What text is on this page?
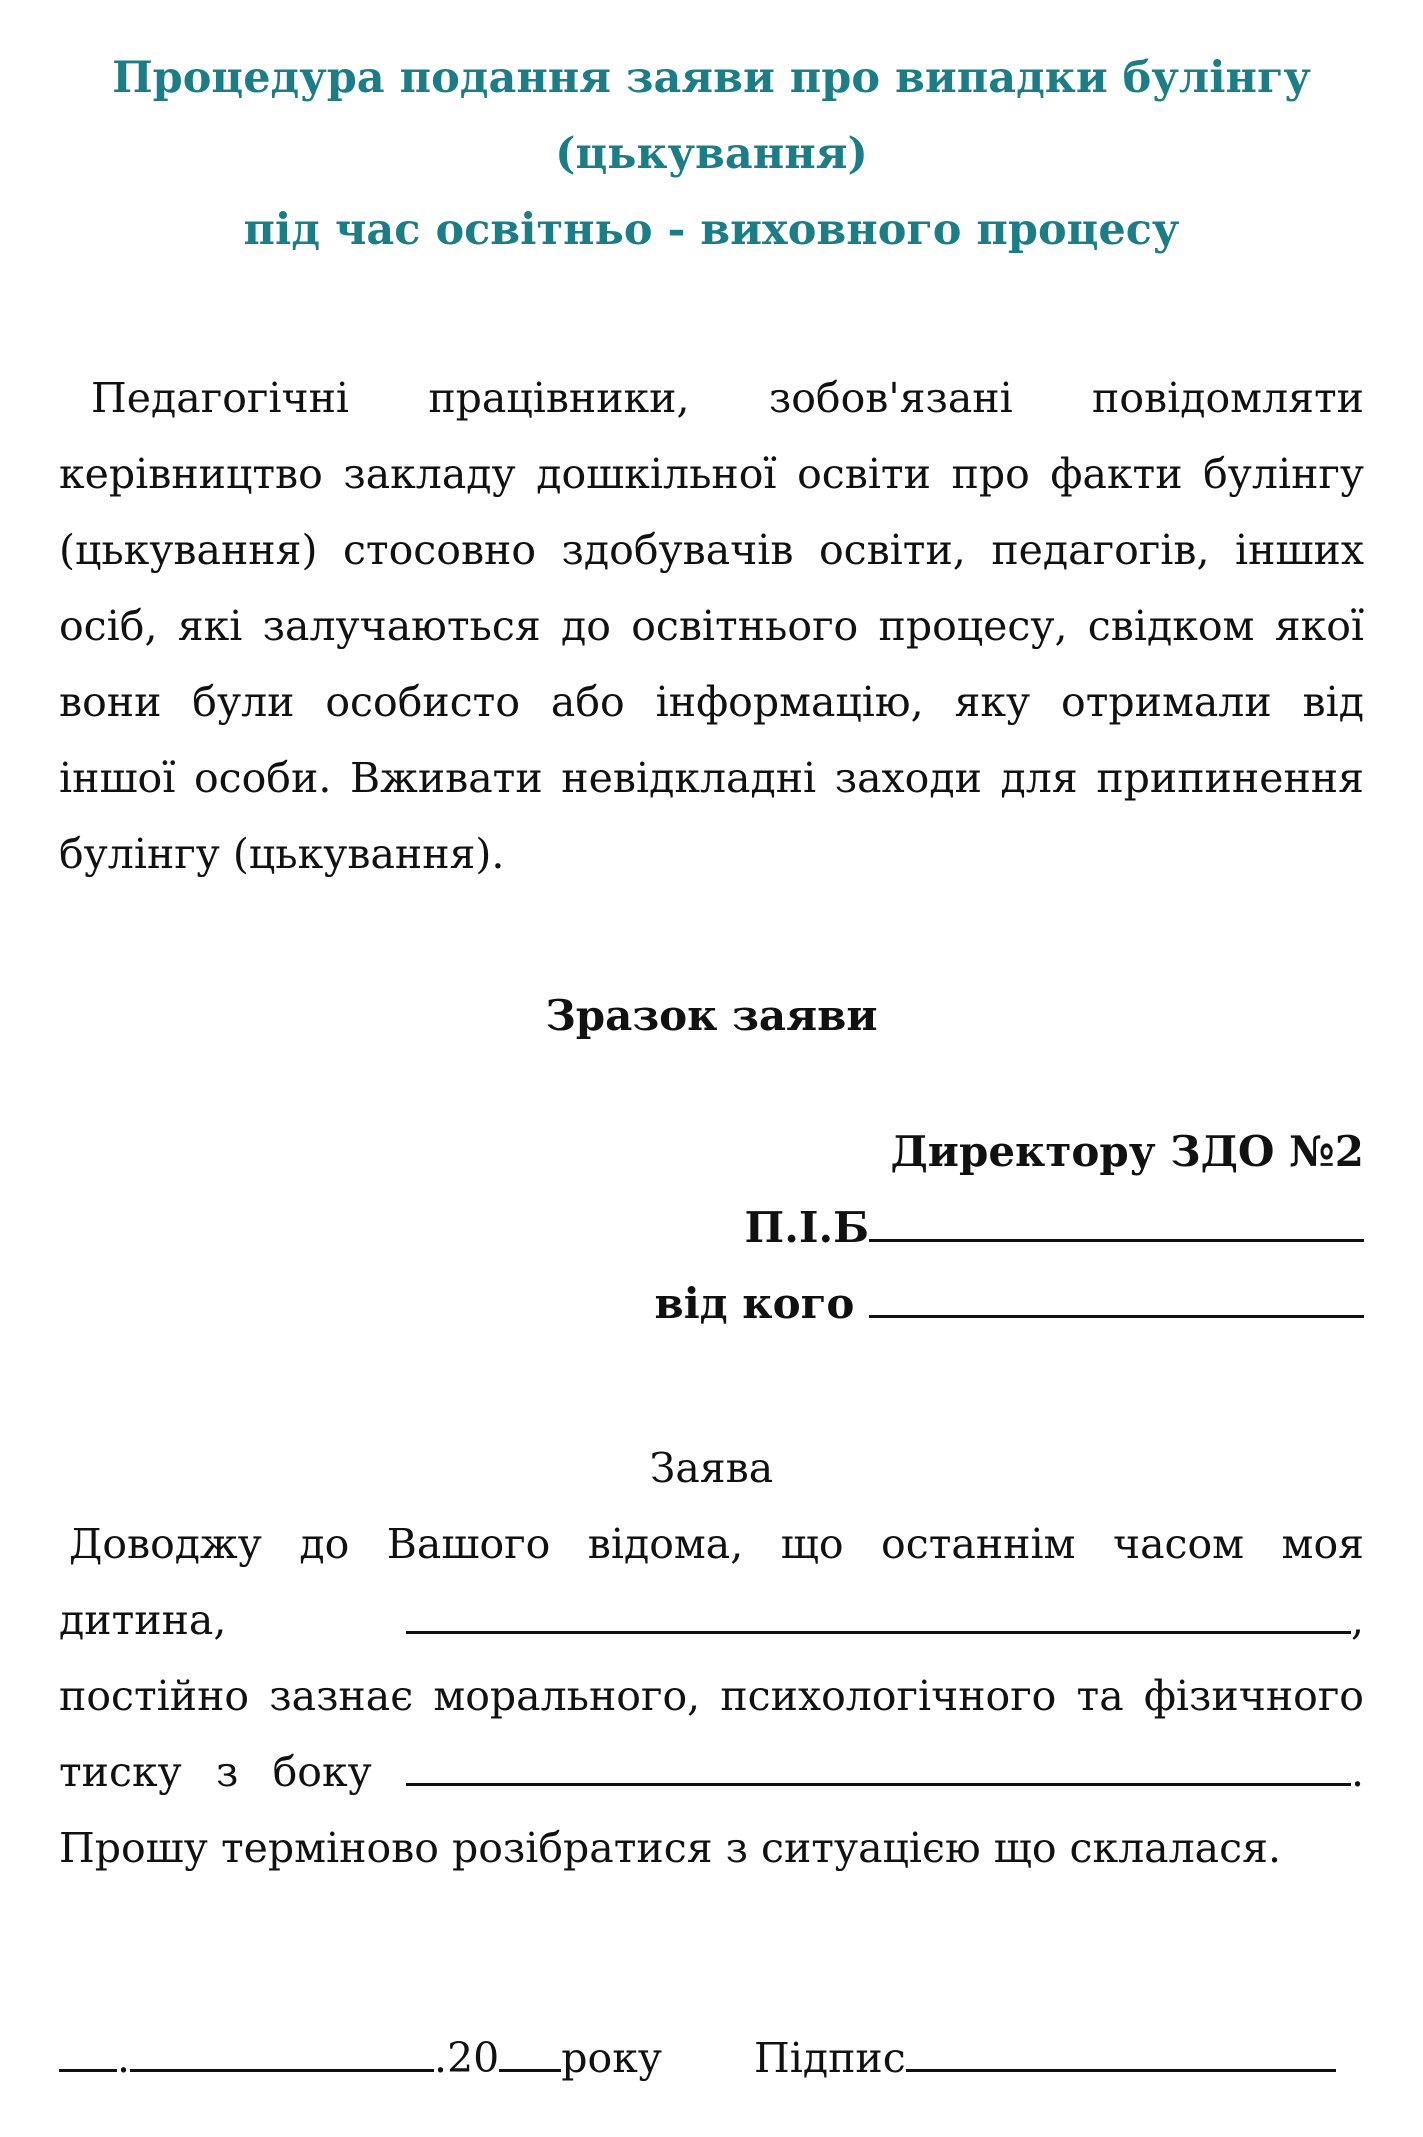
Процедура подання заяви про випадки булінгу
(цькування)
під час освітньо - виховного процесу

Педагогічні працівники, зобов'язані повідомляти керівництво закладу дошкільної освіти про факти булінгу (цькування) стосовно здобувачів освіти, педагогів, інших осіб, які залучаються до освітнього процесу, свідком якої вони були особисто або інформацію, яку отримали від іншої особи. Вживати невідкладні заходи для припинення булінгу (цькування).

Зразок заяви
Директору ЗДО №2
П.І.Б
від кого
Заява

Доводжу до Вашого відома, що останнім часом моя дитина,	, постійно зазнає морального, психологічного та фізичного тиску з боку	. Прошу терміново розібратися з ситуацією що склалася.

.	.20 року Підпис
